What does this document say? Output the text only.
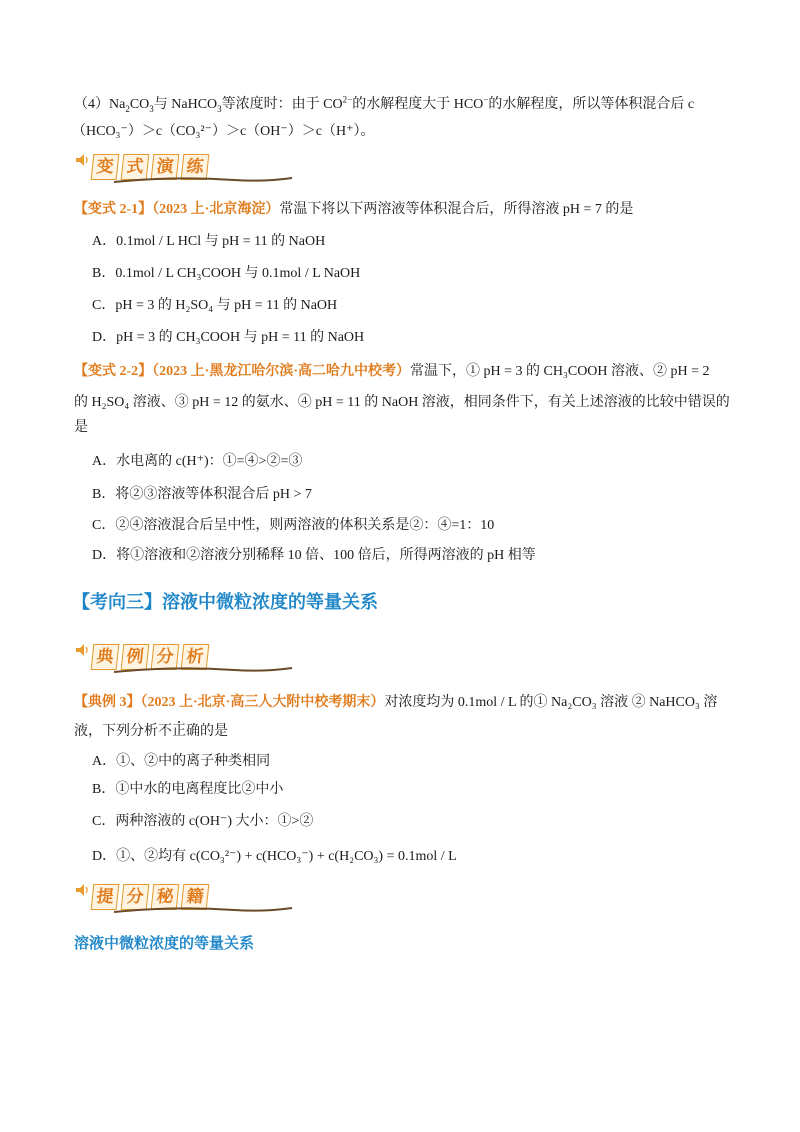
$(4)Na_2CO_3$与 NaHCO$_3$等浓度时：由于 $CO^{2-}$的水解程度大于 HCO−的水解程度，所以等体积混合后 c
（HCO₃⁻）＞c（CO₃²⁻）＞c（OH⁻）＞c（H⁺）。
变 式 演 练
【变式 2-1】（2023 上·北京海淀）常温下将以下两溶液等体积混合后，所得溶液 pH = 7 的是
A．0.1mol / L HCl 与 pH = 11 的 NaOH
B．0.1mol / L CH₃COOH 与 0.1mol / L NaOH
C．pH = 3 的 H₂SO₄ 与 pH = 11 的 NaOH
D．pH = 3 的 CH₃COOH 与 pH = 11 的 NaOH
【变式 2-2】（2023 上·黑龙江哈尔滨·高二哈九中校考）常温下，① pH = 3 的 CH₃COOH 溶液、② pH = 2
的 H₂SO₄ 溶液、③ pH = 12 的氨水、④ pH = 11 的 NaOH 溶液，相同条件下，有关上述溶液的比较中错误的
是
A．水电离的 c(H⁺)：①=④>②=③
B．将②③溶液等体积混合后 pH > 7
C．②④溶液混合后呈中性，则两溶液的体积关系是②：④=1：10
D．将①溶液和②溶液分别稀释 10 倍、100 倍后，所得两溶液的 pH 相等
【考向三】溶液中微粒浓度的等量关系
典 例 分 析
【典例 3】（2023 上·北京·高三人大附中校考期末）对浓度均为 0.1mol / L 的① Na₂CO₃ 溶液 ② NaHCO₃ 溶
液，下列分析不正确的是
A．①、②中的离子种类相同
B．①中水的电离程度比②中小
C．两种溶液的 c(OH⁻) 大小：①>②
D．①、②均有 c(CO₃²⁻) + c(HCO₃⁻) + c(H₂CO₃) = 0.1mol / L
提 分 秘 籍
溶液中微粒浓度的等量关系
